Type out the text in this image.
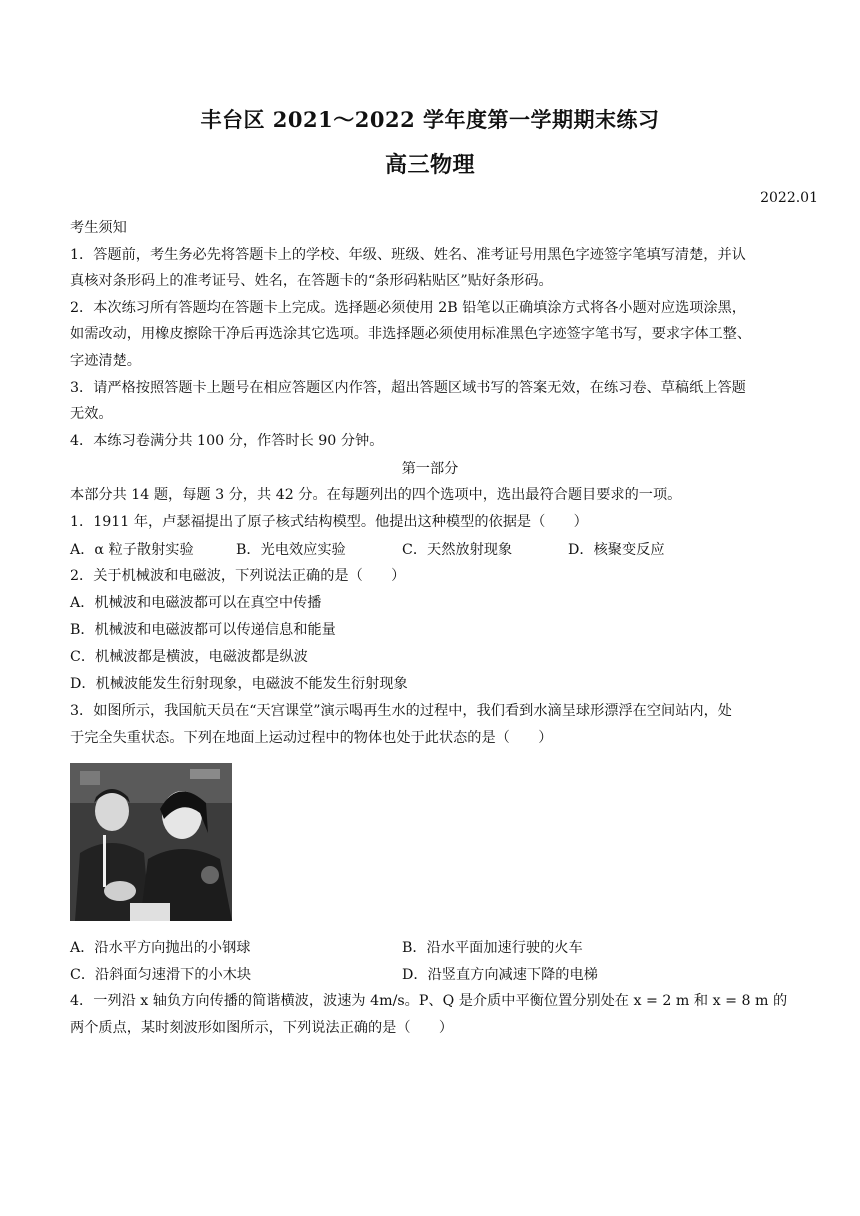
丰台区 2021～2022 学年度第一学期期末练习
高三物理
2022.01
考生须知
1．答题前，考生务必先将答题卡上的学校、年级、班级、姓名、准考证号用黑色字迹签字笔填写清楚，并认
真核对条形码上的准考证号、姓名，在答题卡的“条形码粘贴区”贴好条形码。
2．本次练习所有答题均在答题卡上完成。选择题必须使用 2B 铅笔以正确填涂方式将各小题对应选项涂黑，
如需改动，用橡皮擦除干净后再选涂其它选项。非选择题必须使用标准黑色字迹签字笔书写，要求字体工整、
字迹清楚。
3．请严格按照答题卡上题号在相应答题区内作答，超出答题区域书写的答案无效，在练习卷、草稿纸上答题
无效。
4．本练习卷满分共 100 分，作答时长 90 分钟。
第一部分
本部分共 14 题，每题 3 分，共 42 分。在每题列出的四个选项中，选出最符合题目要求的一项。
1．1911 年，卢瑟福提出了原子核式结构模型。他提出这种模型的依据是（　　）
A．α 粒子散射实验	B．光电效应实验	C．天然放射现象	D．核聚变反应
2．关于机械波和电磁波，下列说法正确的是（　　）
A．机械波和电磁波都可以在真空中传播
B．机械波和电磁波都可以传递信息和能量
C．机械波都是横波，电磁波都是纵波
D．机械波能发生衍射现象，电磁波不能发生衍射现象
3．如图所示，我国航天员在“天宫课堂”演示喝再生水的过程中，我们看到水滴呈球形漂浮在空间站内，处
于完全失重状态。下列在地面上运动过程中的物体也处于此状态的是（　　）
A．沿水平方向抛出的小钢球	B．沿水平面加速行驶的火车
C．沿斜面匀速滑下的小木块	D．沿竖直方向减速下降的电梯
4．一列沿 x 轴负方向传播的简谐横波，波速为 4m/s。P、Q 是介质中平衡位置分别处在 x = 2 m 和 x = 8 m 的
两个质点，某时刻波形如图所示，下列说法正确的是（　　）
